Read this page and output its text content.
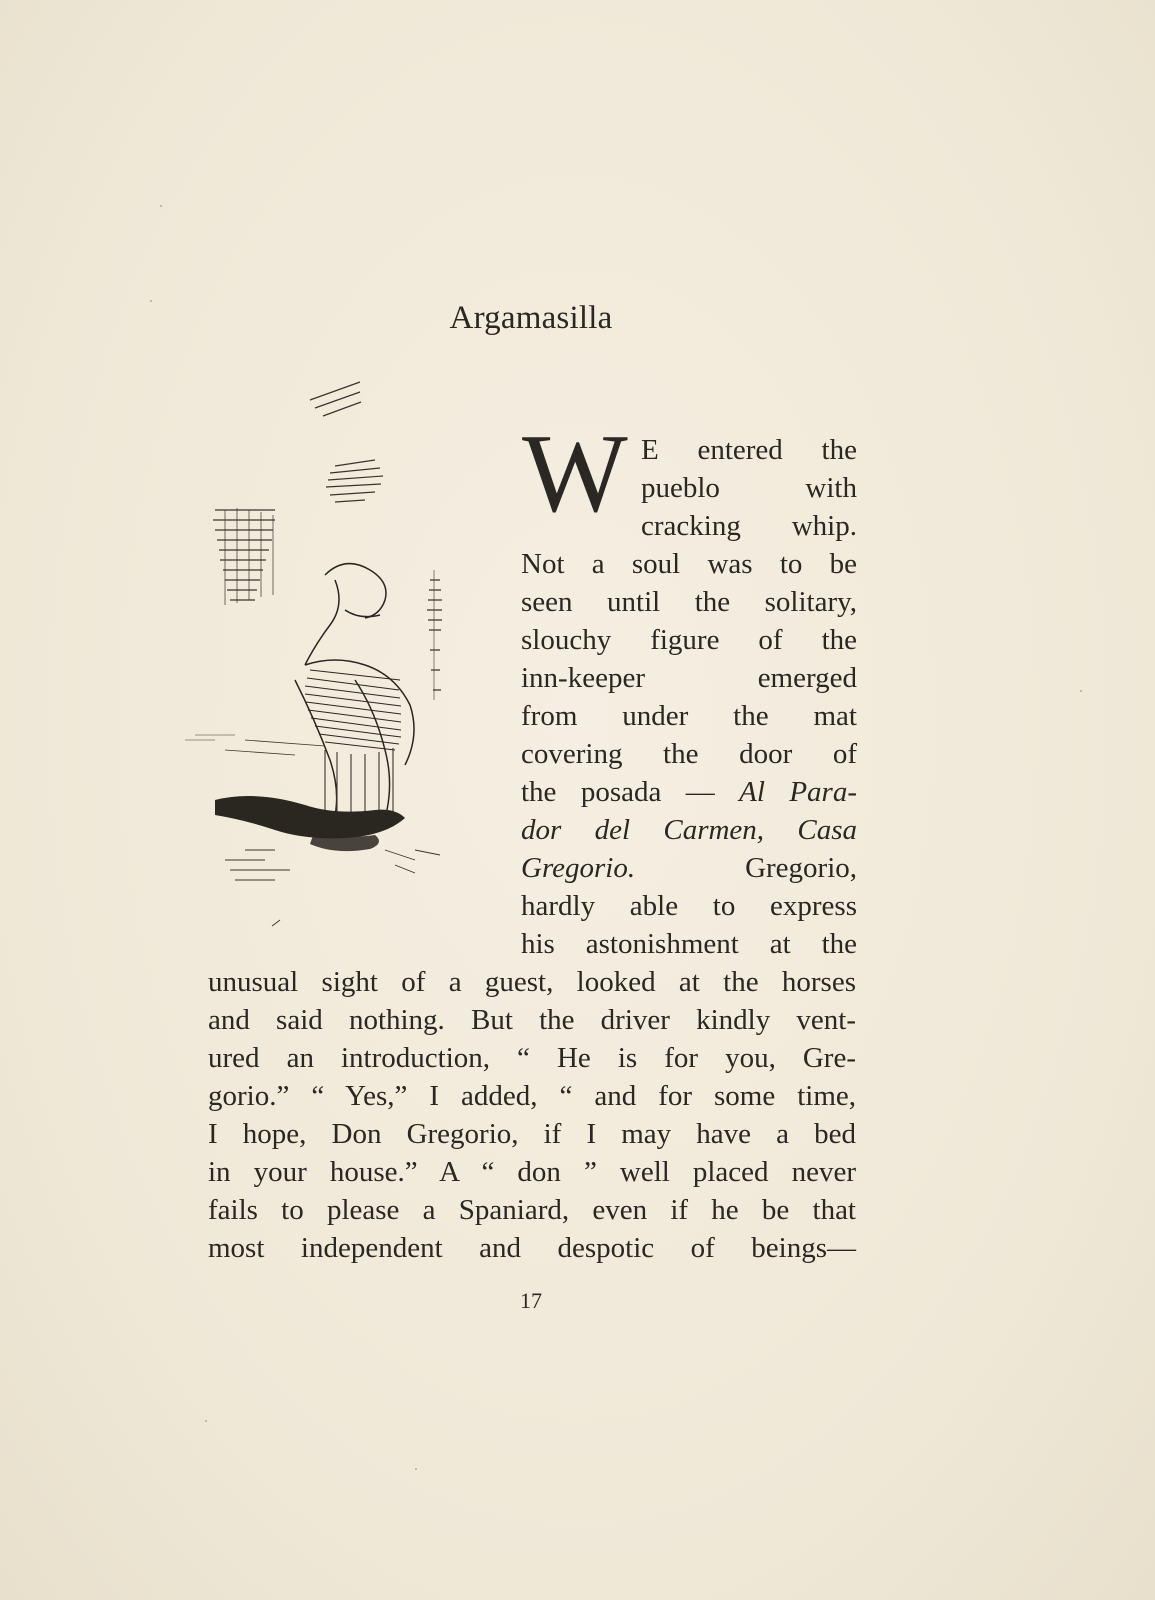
Argamasilla
W E entered the
pueblo with
cracking whip.
Not a soul was to be
seen until the solitary,
slouchy figure of the
inn-keeper emerged
from under the mat
covering the door of
the posada — Al Para-
dor del Carmen, Casa
Gregorio.	Gregorio,
hardly able to express
his astonishment at the
unusual sight of a guest, looked at the horses
and said nothing. But the driver kindly vent-
ured an introduction, “ He is for you, Gre-
gorio.” “ Yes,” I added, “ and for some time,
I hope, Don Gregorio, if I may have a bed
in your house.” A “ don ” well placed never
fails to please a Spaniard, even if he be that
most independent and despotic of beings—
17
